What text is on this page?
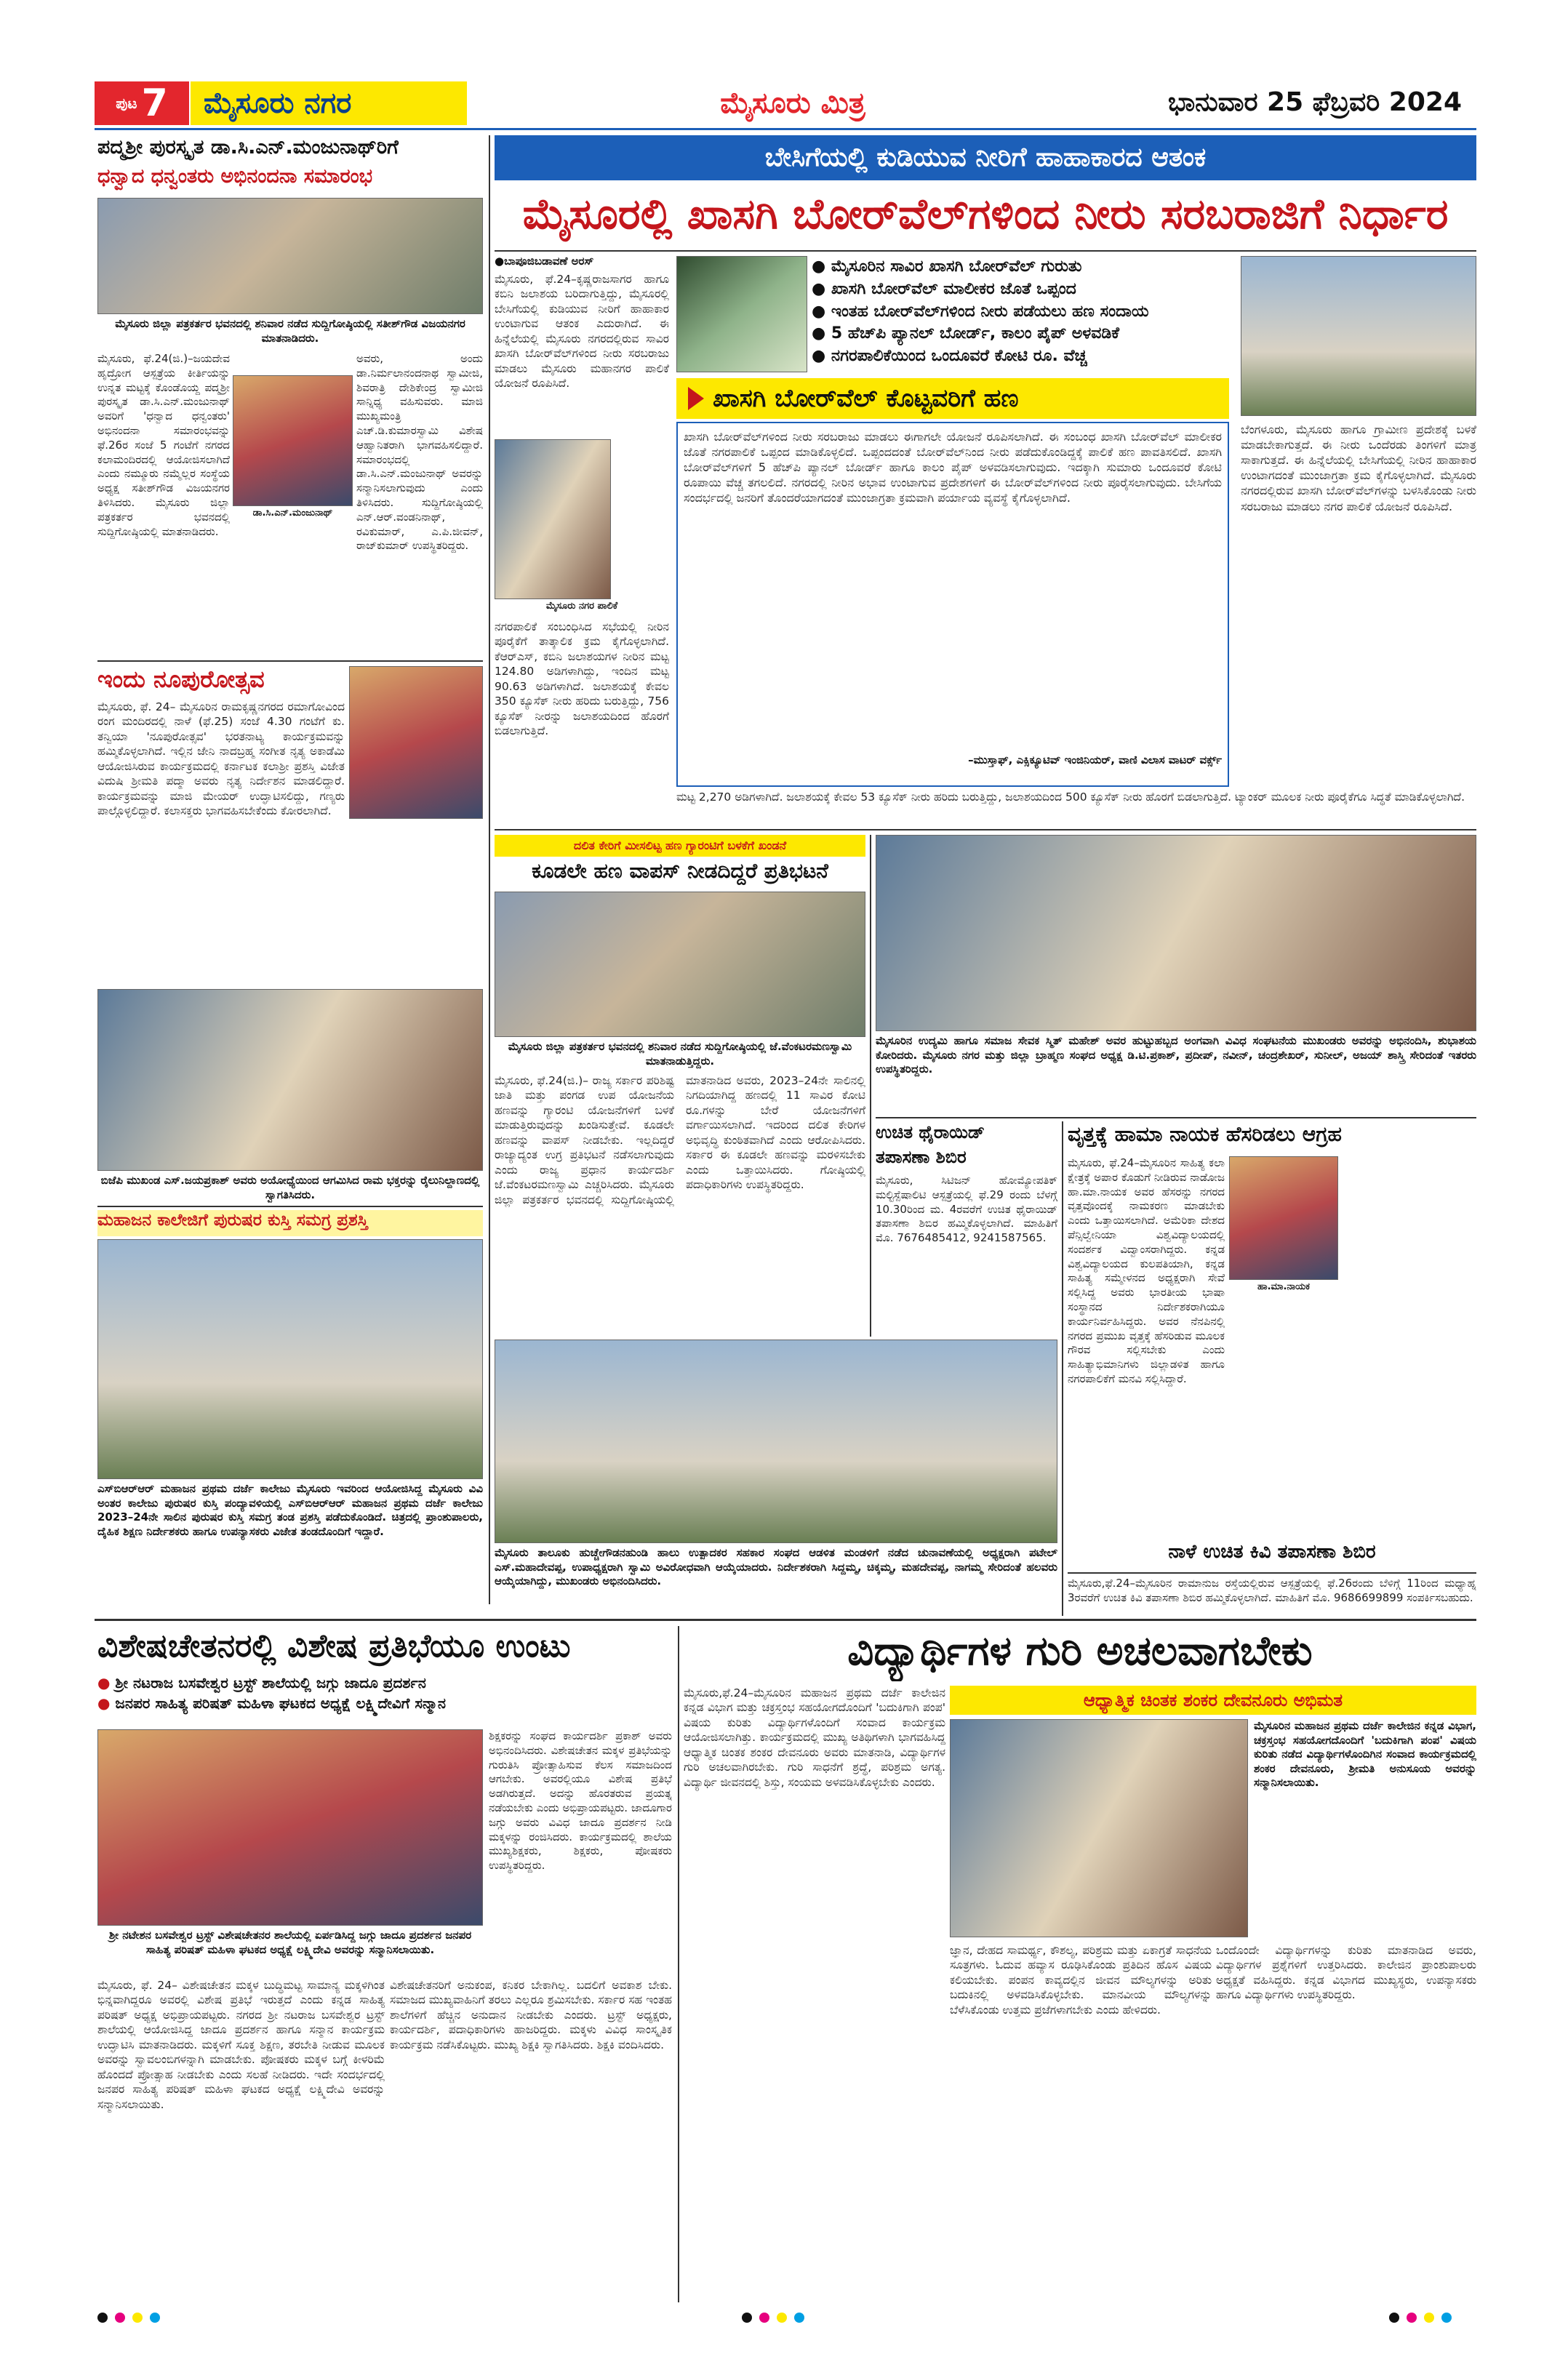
ಪುಟ 7	ಮೈಸೂರು ನಗರ	ಮೈಸೂರು ಮಿತ್ರ	ಭಾನುವಾರ 25 ಫೆಬ್ರವರಿ 2024
ಪದ್ಮಶ್ರೀ ಪುರಸ್ಕೃತ ಡಾ.ಸಿ.ಎನ್.ಮಂಜುನಾಥ್‌ರಿಗೆ
ಧನ್ವಾದ ಧನ್ವಂತರು ಅಭಿನಂದನಾ ಸಮಾರಂಭ
ಮೈಸೂರು ಜಿಲ್ಲಾ ಪತ್ರಕರ್ತರ ಭವನದಲ್ಲಿ ಶನಿವಾರ ನಡೆದ ಸುದ್ದಿಗೋಷ್ಠಿಯಲ್ಲಿ ಸತೀಶ್‌ಗೌಡ ವಿಜಯನಗರ ಮಾತನಾಡಿದರು.
ಡಾ.ಸಿ.ಎನ್.ಮಂಜುನಾಥ್
ಮೈಸೂರು, ಫೆ.24(ಜಿ.)–ಜಯದೇವ ಹೃದ್ರೋಗ ಆಸ್ಪತ್ರೆಯ ಕೀರ್ತಿಯನ್ನು ಉನ್ನತ ಮಟ್ಟಕ್ಕೆ ಕೊಂಡೊಯ್ದ ಪದ್ಮಶ್ರೀ ಪುರಸ್ಕೃತ ಡಾ.ಸಿ.ಎನ್.ಮಂಜುನಾಥ್ ಅವರಿಗೆ 'ಧನ್ವಾದ ಧನ್ವಂತರು' ಅಭಿನಂದನಾ ಸಮಾರಂಭವನ್ನು ಫೆ.26ರ ಸಂಜೆ 5 ಗಂಟೆಗೆ ನಗರದ ಕಲಾಮಂದಿರದಲ್ಲಿ ಆಯೋಜಿಸಲಾಗಿದೆ ಎಂದು ನಮ್ಮೂರು ನಮ್ಮೆಲ್ಲರ ಸಂಸ್ಥೆಯ ಅಧ್ಯಕ್ಷ ಸತೀಶ್‌ಗೌಡ ವಿಜಯನಗರ ತಿಳಿಸಿದರು. ಮೈಸೂರು ಜಿಲ್ಲಾ ಪತ್ರಕರ್ತರ ಭವನದಲ್ಲಿ ಸುದ್ದಿಗೋಷ್ಠಿಯಲ್ಲಿ ಮಾತನಾಡಿದರು.
ಅವರು, ಅಂದು ಡಾ.ನಿರ್ಮಲಾನಂದನಾಥ ಸ್ವಾಮೀಜಿ, ಶಿವರಾತ್ರಿ ದೇಶಿಕೇಂದ್ರ ಸ್ವಾಮೀಜಿ ಸಾನ್ನಿಧ್ಯ ವಹಿಸುವರು. ಮಾಜಿ ಮುಖ್ಯಮಂತ್ರಿ ಎಚ್.ಡಿ.ಕುಮಾರಸ್ವಾಮಿ ವಿಶೇಷ ಆಹ್ವಾನಿತರಾಗಿ ಭಾಗವಹಿಸಲಿದ್ದಾರೆ. ಸಮಾರಂಭದಲ್ಲಿ ಡಾ.ಸಿ.ಎನ್.ಮಂಜುನಾಥ್ ಅವರನ್ನು ಸನ್ಮಾನಿಸಲಾಗುವುದು ಎಂದು ತಿಳಿಸಿದರು. ಸುದ್ದಿಗೋಷ್ಠಿಯಲ್ಲಿ ಎನ್.ಆರ್.ವಂಡನಿನಾಥ್, ರವಿಕುಮಾರ್, ಎ.ಪಿ.ಜೀವನ್, ರಾಜ್‌ಕುಮಾರ್ ಉಪಸ್ಥಿತರಿದ್ದರು.
ಇಂದು ನೂಪುರೋತ್ಸವ
ಮೈಸೂರು, ಫೆ. 24– ಮೈಸೂರಿನ ರಾಮಕೃಷ್ಣನಗರದ ರಮಾಗೋವಿಂದ ರಂಗ ಮಂದಿರದಲ್ಲಿ ನಾಳೆ (ಫೆ.25) ಸಂಜೆ 4.30 ಗಂಟೆಗೆ ಕು. ತನ್ವಿಯಾ 'ನೂಪುರೋತ್ಸವ' ಭರತನಾಟ್ಯ ಕಾರ್ಯಕ್ರಮವನ್ನು ಹಮ್ಮಿಕೊಳ್ಳಲಾಗಿದೆ. ಇಲ್ಲಿನ ಜೇನಿ ನಾದಬ್ರಹ್ಮ ಸಂಗೀತ ನೃತ್ಯ ಅಕಾಡೆಮಿ ಆಯೋಜಿಸಿರುವ ಕಾರ್ಯಕ್ರಮದಲ್ಲಿ ಕರ್ನಾಟಕ ಕಲಾಶ್ರೀ ಪ್ರಶಸ್ತಿ ವಿಜೇತ ವಿದುಷಿ ಶ್ರೀಮತಿ ಪದ್ಮಾ ಅವರು ನೃತ್ಯ ನಿರ್ದೇಶನ ಮಾಡಲಿದ್ದಾರೆ. ಕಾರ್ಯಕ್ರಮವನ್ನು ಮಾಜಿ ಮೇಯರ್ ಉದ್ಘಾಟಿಸಲಿದ್ದು, ಗಣ್ಯರು ಪಾಲ್ಗೊಳ್ಳಲಿದ್ದಾರೆ. ಕಲಾಸಕ್ತರು ಭಾಗವಹಿಸಬೇಕೆಂದು ಕೋರಲಾಗಿದೆ.
ಬಿಜೆಪಿ ಮುಖಂಡ ಎಸ್.ಜಯಪ್ರಕಾಶ್ ಅವರು ಅಯೋಧ್ಯೆಯಿಂದ ಆಗಮಿಸಿದ ರಾಮ ಭಕ್ತರನ್ನು ರೈಲುನಿಲ್ದಾಣದಲ್ಲಿ ಸ್ವಾಗತಿಸಿದರು.
ಮಹಾಜನ ಕಾಲೇಜಿಗೆ ಪುರುಷರ ಕುಸ್ತಿ ಸಮಗ್ರ ಪ್ರಶಸ್ತಿ
ಎಸ್‌ಬಿಆರ್‌ಆರ್ ಮಹಾಜನ ಪ್ರಥಮ ದರ್ಜೆ ಕಾಲೇಜು ಮೈಸೂರು ಇವರಿಂದ ಆಯೋಜಿಸಿದ್ದ ಮೈಸೂರು ವಿವಿ ಅಂತರ ಕಾಲೇಜು ಪುರುಷರ ಕುಸ್ತಿ ಪಂದ್ಯಾವಳಿಯಲ್ಲಿ ಎಸ್‌ಬಿಆರ್‌ಆರ್ ಮಹಾಜನ ಪ್ರಥಮ ದರ್ಜೆ ಕಾಲೇಜು 2023–24ನೇ ಸಾಲಿನ ಪುರುಷರ ಕುಸ್ತಿ ಸಮಗ್ರ ತಂಡ ಪ್ರಶಸ್ತಿ ಪಡೆದುಕೊಂಡಿದೆ. ಚಿತ್ರದಲ್ಲಿ ಪ್ರಾಂಶುಪಾಲರು, ದೈಹಿಕ ಶಿಕ್ಷಣ ನಿರ್ದೇಶಕರು ಹಾಗೂ ಉಪನ್ಯಾಸಕರು ವಿಜೇತ ತಂಡದೊಂದಿಗೆ ಇದ್ದಾರೆ.
ಬೇಸಿಗೆಯಲ್ಲಿ ಕುಡಿಯುವ ನೀರಿಗೆ ಹಾಹಾಕಾರದ ಆತಂಕ
ಮೈಸೂರಲ್ಲಿ ಖಾಸಗಿ ಬೋರ್‌ವೆಲ್‌ಗಳಿಂದ ನೀರು ಸರಬರಾಜಿಗೆ ನಿರ್ಧಾರ
●ಬಾಪೂಜಿಬಡಾವಣೆ ಅರಸ್
ಮೈಸೂರು, ಫೆ.24–ಕೃಷ್ಣರಾಜಸಾಗರ ಹಾಗೂ ಕಬಿನಿ ಜಲಾಶಯ ಬರಿದಾಗುತ್ತಿದ್ದು, ಮೈಸೂರಲ್ಲಿ ಬೇಸಿಗೆಯಲ್ಲಿ ಕುಡಿಯುವ ನೀರಿಗೆ ಹಾಹಾಕಾರ ಉಂಟಾಗುವ ಆತಂಕ ಎದುರಾಗಿದೆ. ಈ ಹಿನ್ನೆಲೆಯಲ್ಲಿ ಮೈಸೂರು ನಗರದಲ್ಲಿರುವ ಸಾವಿರ ಖಾಸಗಿ ಬೋರ್‌ವೆಲ್‌ಗಳಿಂದ ನೀರು ಸರಬರಾಜು ಮಾಡಲು ಮೈಸೂರು ಮಹಾನಗರ ಪಾಲಿಕೆ ಯೋಜನೆ ರೂಪಿಸಿದೆ.
ಮೈಸೂರು ನಗರ ಪಾಲಿಕೆ
ನಗರಪಾಲಿಕೆ ಸಂಬಂಧಿಸಿದ ಸಭೆಯಲ್ಲಿ ನೀರಿನ ಪೂರೈಕೆಗೆ ತಾತ್ಕಾಲಿಕ ಕ್ರಮ ಕೈಗೊಳ್ಳಲಾಗಿದೆ. ಕೆಆರ್‌ಎಸ್, ಕಬಿನಿ ಜಲಾಶಯಗಳ ನೀರಿನ ಮಟ್ಟ 124.80 ಅಡಿಗಳಾಗಿದ್ದು, ಇಂದಿನ ಮಟ್ಟ 90.63 ಅಡಿಗಳಾಗಿದೆ. ಜಲಾಶಯಕ್ಕೆ ಕೇವಲ 350 ಕ್ಯೂಸೆಕ್ ನೀರು ಹರಿದು ಬರುತ್ತಿದ್ದು, 756 ಕ್ಯೂಸೆಕ್ ನೀರನ್ನು ಜಲಾಶಯದಿಂದ ಹೊರಗೆ ಬಿಡಲಾಗುತ್ತಿದೆ.
● ಮೈಸೂರಿನ ಸಾವಿರ ಖಾಸಗಿ ಬೋರ್‌ವೆಲ್ ಗುರುತು
● ಖಾಸಗಿ ಬೋರ್‌ವೆಲ್ ಮಾಲೀಕರ ಜೊತೆ ಒಪ್ಪಂದ
● ಇಂತಹ ಬೋರ್‌ವೆಲ್‌ಗಳಿಂದ ನೀರು ಪಡೆಯಲು ಹಣ ಸಂದಾಯ
● 5 ಹೆಚ್‌ಪಿ ಪ್ಯಾನಲ್ ಬೋರ್ಡ್, ಕಾಲಂ ಪೈಪ್ ಅಳವಡಿಕೆ
● ನಗರಪಾಲಿಕೆಯಿಂದ ಒಂದೂವರೆ ಕೋಟಿ ರೂ. ವೆಚ್ಚ
ಖಾಸಗಿ ಬೋರ್‌ವೆಲ್ ಕೊಟ್ಟವರಿಗೆ ಹಣ
ಖಾಸಗಿ ಬೋರ್‌ವೆಲ್‌ಗಳಿಂದ ನೀರು ಸರಬರಾಜು ಮಾಡಲು ಈಗಾಗಲೇ ಯೋಜನೆ ರೂಪಿಸಲಾಗಿದೆ. ಈ ಸಂಬಂಧ ಖಾಸಗಿ ಬೋರ್‌ವೆಲ್ ಮಾಲೀಕರ ಜೊತೆ ನಗರಪಾಲಿಕೆ ಒಪ್ಪಂದ ಮಾಡಿಕೊಳ್ಳಲಿದೆ. ಒಪ್ಪಂದದಂತೆ ಬೋರ್‌ವೆಲ್‌ನಿಂದ ನೀರು ಪಡೆದುಕೊಂಡಿದ್ದಕ್ಕೆ ಪಾಲಿಕೆ ಹಣ ಪಾವತಿಸಲಿದೆ. ಖಾಸಗಿ ಬೋರ್‌ವೆಲ್‌ಗಳಿಗೆ 5 ಹೆಚ್‌ಪಿ ಪ್ಯಾನಲ್ ಬೋರ್ಡ್ ಹಾಗೂ ಕಾಲಂ ಪೈಪ್ ಅಳವಡಿಸಲಾಗುವುದು. ಇದಕ್ಕಾಗಿ ಸುಮಾರು ಒಂದೂವರೆ ಕೋಟಿ ರೂಪಾಯಿ ವೆಚ್ಚ ತಗಲಲಿದೆ. ನಗರದಲ್ಲಿ ನೀರಿನ ಅಭಾವ ಉಂಟಾಗುವ ಪ್ರದೇಶಗಳಿಗೆ ಈ ಬೋರ್‌ವೆಲ್‌ಗಳಿಂದ ನೀರು ಪೂರೈಸಲಾಗುವುದು. ಬೇಸಿಗೆಯ ಸಂದರ್ಭದಲ್ಲಿ ಜನರಿಗೆ ತೊಂದರೆಯಾಗದಂತೆ ಮುಂಜಾಗ್ರತಾ ಕ್ರಮವಾಗಿ ಪರ್ಯಾಯ ವ್ಯವಸ್ಥೆ ಕೈಗೊಳ್ಳಲಾಗಿದೆ.
–ಮುಸ್ತಾಫ್, ಎಕ್ಸಿಕ್ಯೂಟಿವ್ ಇಂಜಿನಿಯರ್, ವಾಣಿ ವಿಲಾಸ ವಾಟರ್ ವರ್ಕ್ಸ್
ಬೆಂಗಳೂರು, ಮೈಸೂರು ಹಾಗೂ ಗ್ರಾಮೀಣ ಪ್ರದೇಶಕ್ಕೆ ಬಳಕೆ ಮಾಡಬೇಕಾಗುತ್ತದೆ. ಈ ನೀರು ಒಂದೆರಡು ತಿಂಗಳಿಗೆ ಮಾತ್ರ ಸಾಕಾಗುತ್ತದೆ. ಈ ಹಿನ್ನೆಲೆಯಲ್ಲಿ ಬೇಸಿಗೆಯಲ್ಲಿ ನೀರಿನ ಹಾಹಾಕಾರ ಉಂಟಾಗದಂತೆ ಮುಂಜಾಗ್ರತಾ ಕ್ರಮ ಕೈಗೊಳ್ಳಲಾಗಿದೆ. ಮೈಸೂರು ನಗರದಲ್ಲಿರುವ ಖಾಸಗಿ ಬೋರ್‌ವೆಲ್‌ಗಳನ್ನು ಬಳಸಿಕೊಂಡು ನೀರು ಸರಬರಾಜು ಮಾಡಲು ನಗರ ಪಾಲಿಕೆ ಯೋಜನೆ ರೂಪಿಸಿದೆ.
ಮಟ್ಟ 2,270 ಅಡಿಗಳಾಗಿದೆ. ಜಲಾಶಯಕ್ಕೆ ಕೇವಲ 53 ಕ್ಯೂಸೆಕ್ ನೀರು ಹರಿದು ಬರುತ್ತಿದ್ದು, ಜಲಾಶಯದಿಂದ 500 ಕ್ಯೂಸೆಕ್ ನೀರು ಹೊರಗೆ ಬಿಡಲಾಗುತ್ತಿದೆ. ಟ್ಯಾಂಕರ್ ಮೂಲಕ ನೀರು ಪೂರೈಕೆಗೂ ಸಿದ್ಧತೆ ಮಾಡಿಕೊಳ್ಳಲಾಗಿದೆ.
ದಲಿತ ಕೇರಿಗೆ ಮೀಸಲಿಟ್ಟ ಹಣ ಗ್ಯಾರಂಟಿಗೆ ಬಳಕೆಗೆ ಖಂಡನೆ
ಕೂಡಲೇ ಹಣ ವಾಪಸ್ ನೀಡದಿದ್ದರೆ ಪ್ರತಿಭಟನೆ
ಮೈಸೂರು ಜಿಲ್ಲಾ ಪತ್ರಕರ್ತರ ಭವನದಲ್ಲಿ ಶನಿವಾರ ನಡೆದ ಸುದ್ದಿಗೋಷ್ಠಿಯಲ್ಲಿ ಜೆ.ವೆಂಕಟರಮಣಸ್ವಾಮಿ ಮಾತನಾಡುತ್ತಿದ್ದರು.
ಮೈಸೂರು, ಫೆ.24(ಜಿ.)– ರಾಜ್ಯ ಸರ್ಕಾರ ಪರಿಶಿಷ್ಟ ಜಾತಿ ಮತ್ತು ಪಂಗಡ ಉಪ ಯೋಜನೆಯ ಹಣವನ್ನು ಗ್ಯಾರಂಟಿ ಯೋಜನೆಗಳಿಗೆ ಬಳಕೆ ಮಾಡುತ್ತಿರುವುದನ್ನು ಖಂಡಿಸುತ್ತೇವೆ. ಕೂಡಲೇ ಹಣವನ್ನು ವಾಪಸ್ ನೀಡಬೇಕು. ಇಲ್ಲದಿದ್ದರೆ ರಾಜ್ಯಾದ್ಯಂತ ಉಗ್ರ ಪ್ರತಿಭಟನೆ ನಡೆಸಲಾಗುವುದು ಎಂದು ರಾಜ್ಯ ಪ್ರಧಾನ ಕಾರ್ಯದರ್ಶಿ ಜೆ.ವೆಂಕಟರಮಣಸ್ವಾಮಿ ಎಚ್ಚರಿಸಿದರು. ಮೈಸೂರು ಜಿಲ್ಲಾ ಪತ್ರಕರ್ತರ ಭವನದಲ್ಲಿ ಸುದ್ದಿಗೋಷ್ಠಿಯಲ್ಲಿ ಮಾತನಾಡಿದ ಅವರು, 2023–24ನೇ ಸಾಲಿನಲ್ಲಿ ನಿಗದಿಯಾಗಿದ್ದ ಹಣದಲ್ಲಿ 11 ಸಾವಿರ ಕೋಟಿ ರೂ.ಗಳನ್ನು ಬೇರೆ ಯೋಜನೆಗಳಿಗೆ ವರ್ಗಾಯಿಸಲಾಗಿದೆ. ಇದರಿಂದ ದಲಿತ ಕೇರಿಗಳ ಅಭಿವೃದ್ಧಿ ಕುಂಠಿತವಾಗಿದೆ ಎಂದು ಆರೋಪಿಸಿದರು. ಸರ್ಕಾರ ಈ ಕೂಡಲೇ ಹಣವನ್ನು ಮರಳಿಸಬೇಕು ಎಂದು ಒತ್ತಾಯಿಸಿದರು. ಗೋಷ್ಠಿಯಲ್ಲಿ ಪದಾಧಿಕಾರಿಗಳು ಉಪಸ್ಥಿತರಿದ್ದರು.
ಮೈಸೂರಿನ ಉದ್ಯಮಿ ಹಾಗೂ ಸಮಾಜ ಸೇವಕ ಸ್ಮಿತ್ ಮಹೇಶ್ ಅವರ ಹುಟ್ಟುಹಬ್ಬದ ಅಂಗವಾಗಿ ವಿವಿಧ ಸಂಘಟನೆಯ ಮುಖಂಡರು ಅವರನ್ನು ಅಭಿನಂದಿಸಿ, ಶುಭಾಶಯ ಕೋರಿದರು. ಮೈಸೂರು ನಗರ ಮತ್ತು ಜಿಲ್ಲಾ ಬ್ರಾಹ್ಮಣ ಸಂಘದ ಅಧ್ಯಕ್ಷ ಡಿ.ಟಿ.ಪ್ರಕಾಶ್, ಪ್ರದೀಪ್, ನವೀನ್, ಚಂದ್ರಶೇಖರ್, ಸುನೀಲ್, ಅಜಯ್ ಶಾಸ್ತ್ರಿ ಸೇರಿದಂತೆ ಇತರರು ಉಪಸ್ಥಿತರಿದ್ದರು.
ಉಚಿತ ಥೈರಾಯಿಡ್
ತಪಾಸಣಾ ಶಿಬಿರ
ಮೈಸೂರು, ಸಿಟಿಜನ್ ಹೋಮ್ಯೋಪತಿಕ್ ಮಲ್ಟಿಸ್ಪೆಷಾಲಿಟಿ ಆಸ್ಪತ್ರೆಯಲ್ಲಿ ಫೆ.29 ರಂದು ಬೆಳಗ್ಗೆ 10.30ರಿಂದ ಮ. 4ರವರೆಗೆ ಉಚಿತ ಥೈರಾಯಿಡ್ ತಪಾಸಣಾ ಶಿಬಿರ ಹಮ್ಮಿಕೊಳ್ಳಲಾಗಿದೆ. ಮಾಹಿತಿಗೆ ಮೊ. 7676485412, 9241587565.
ವೃತ್ತಕ್ಕೆ ಹಾಮಾ ನಾಯಕ ಹೆಸರಿಡಲು ಆಗ್ರಹ
ಹಾ.ಮಾ.ನಾಯಕ
ಮೈಸೂರು, ಫೆ.24–ಮೈಸೂರಿನ ಸಾಹಿತ್ಯ ಕಲಾ ಕ್ಷೇತ್ರಕ್ಕೆ ಅಪಾರ ಕೊಡುಗೆ ನೀಡಿರುವ ನಾಡೋಜ ಹಾ.ಮಾ.ನಾಯಕ ಅವರ ಹೆಸರನ್ನು ನಗರದ ವೃತ್ತವೊಂದಕ್ಕೆ ನಾಮಕರಣ ಮಾಡಬೇಕು ಎಂದು ಒತ್ತಾಯಿಸಲಾಗಿದೆ. ಅಮೆರಿಕಾ ದೇಶದ ಪೆನ್ಸಿಲ್ವೇನಿಯಾ ವಿಶ್ವವಿದ್ಯಾಲಯದಲ್ಲಿ ಸಂದರ್ಶಕ ವಿದ್ವಾಂಸರಾಗಿದ್ದರು. ಕನ್ನಡ ವಿಶ್ವವಿದ್ಯಾಲಯದ ಕುಲಪತಿಯಾಗಿ, ಕನ್ನಡ ಸಾಹಿತ್ಯ ಸಮ್ಮೇಳನದ ಅಧ್ಯಕ್ಷರಾಗಿ ಸೇವೆ ಸಲ್ಲಿಸಿದ್ದ ಅವರು ಭಾರತೀಯ ಭಾಷಾ ಸಂಸ್ಥಾನದ ನಿರ್ದೇಶಕರಾಗಿಯೂ ಕಾರ್ಯನಿರ್ವಹಿಸಿದ್ದರು. ಅವರ ನೆನಪಿನಲ್ಲಿ ನಗರದ ಪ್ರಮುಖ ವೃತ್ತಕ್ಕೆ ಹೆಸರಿಡುವ ಮೂಲಕ ಗೌರವ ಸಲ್ಲಿಸಬೇಕು ಎಂದು ಸಾಹಿತ್ಯಾಭಿಮಾನಿಗಳು ಜಿಲ್ಲಾಡಳಿತ ಹಾಗೂ ನಗರಪಾಲಿಕೆಗೆ ಮನವಿ ಸಲ್ಲಿಸಿದ್ದಾರೆ.
ಮೈಸೂರು ತಾಲೂಕು ಹುಚ್ಚೇಗೌಡನಹುಂಡಿ ಹಾಲು ಉತ್ಪಾದಕರ ಸಹಕಾರ ಸಂಘದ ಆಡಳಿತ ಮಂಡಳಿಗೆ ನಡೆದ ಚುನಾವಣೆಯಲ್ಲಿ ಅಧ್ಯಕ್ಷರಾಗಿ ಪಟೇಲ್ ಎಸ್.ಮಹಾದೇವಪ್ಪ, ಉಪಾಧ್ಯಕ್ಷರಾಗಿ ಸ್ವಾಮಿ ಅವಿರೋಧವಾಗಿ ಆಯ್ಕೆಯಾದರು. ನಿರ್ದೇಶಕರಾಗಿ ಸಿದ್ದಮ್ಮ, ಚಿಕ್ಕಮ್ಮ, ಮಹದೇವಪ್ಪ, ನಾಗಮ್ಮ ಸೇರಿದಂತೆ ಹಲವರು ಆಯ್ಕೆಯಾಗಿದ್ದು, ಮುಖಂಡರು ಅಭಿನಂದಿಸಿದರು.
ನಾಳೆ ಉಚಿತ ಕಿವಿ ತಪಾಸಣಾ ಶಿಬಿರ
ಮೈಸೂರು,ಫೆ.24–ಮೈಸೂರಿನ ರಾಮಾನುಜ ರಸ್ತೆಯಲ್ಲಿರುವ ಆಸ್ಪತ್ರೆಯಲ್ಲಿ ಫೆ.26ರಂದು ಬೆಳಿಗ್ಗೆ 11ರಿಂದ ಮಧ್ಯಾಹ್ನ 3ರವರೆಗೆ ಉಚಿತ ಕಿವಿ ತಪಾಸಣಾ ಶಿಬಿರ ಹಮ್ಮಿಕೊಳ್ಳಲಾಗಿದೆ. ಮಾಹಿತಿಗೆ ಮೊ. 9686699899 ಸಂಪರ್ಕಿಸಬಹುದು.
ವಿಶೇಷಚೇತನರಲ್ಲಿ ವಿಶೇಷ ಪ್ರತಿಭೆಯೂ ಉಂಟು
● ಶ್ರೀ ನಟರಾಜ ಬಸವೇಶ್ವರ ಟ್ರಸ್ಟ್ ಶಾಲೆಯಲ್ಲಿ ಜಗ್ಗು ಜಾದೂ ಪ್ರದರ್ಶನ
● ಜನಪರ ಸಾಹಿತ್ಯ ಪರಿಷತ್ ಮಹಿಳಾ ಘಟಕದ ಅಧ್ಯಕ್ಷೆ ಲಕ್ಷ್ಮಿದೇವಿಗೆ ಸನ್ಮಾನ
ಶ್ರೀ ನಟೇಶನ ಬಸವೇಶ್ವರ ಟ್ರಸ್ಟ್ ವಿಶೇಷಚೇತನರ ಶಾಲೆಯಲ್ಲಿ ಏರ್ಪಡಿಸಿದ್ದ ಜಗ್ಗು ಜಾದೂ ಪ್ರದರ್ಶನ ಜನಪರ ಸಾಹಿತ್ಯ ಪರಿಷತ್ ಮಹಿಳಾ ಘಟಕದ ಅಧ್ಯಕ್ಷೆ ಲಕ್ಷ್ಮಿದೇವಿ ಅವರನ್ನು ಸನ್ಮಾನಿಸಲಾಯಿತು.
ಶಿಕ್ಷಕರನ್ನು ಸಂಘದ ಕಾರ್ಯದರ್ಶಿ ಪ್ರಕಾಶ್ ಅವರು ಅಭಿನಂದಿಸಿದರು. ವಿಶೇಷಚೇತನ ಮಕ್ಕಳ ಪ್ರತಿಭೆಯನ್ನು ಗುರುತಿಸಿ ಪ್ರೋತ್ಸಾಹಿಸುವ ಕೆಲಸ ಸಮಾಜದಿಂದ ಆಗಬೇಕು. ಅವರಲ್ಲಿಯೂ ವಿಶೇಷ ಪ್ರತಿಭೆ ಅಡಗಿರುತ್ತದೆ. ಅದನ್ನು ಹೊರತರುವ ಪ್ರಯತ್ನ ನಡೆಯಬೇಕು ಎಂದು ಅಭಿಪ್ರಾಯಪಟ್ಟರು. ಜಾದೂಗಾರ ಜಗ್ಗು ಅವರು ವಿವಿಧ ಜಾದೂ ಪ್ರದರ್ಶನ ನೀಡಿ ಮಕ್ಕಳನ್ನು ರಂಜಿಸಿದರು. ಕಾರ್ಯಕ್ರಮದಲ್ಲಿ ಶಾಲೆಯ ಮುಖ್ಯಶಿಕ್ಷಕರು, ಶಿಕ್ಷಕರು, ಪೋಷಕರು ಉಪಸ್ಥಿತರಿದ್ದರು.
ಮೈಸೂರು, ಫೆ. 24– ವಿಶೇಷಚೇತನ ಮಕ್ಕಳ ಬುದ್ಧಿಮಟ್ಟ ಸಾಮಾನ್ಯ ಮಕ್ಕಳಿಗಿಂತ ಭಿನ್ನವಾಗಿದ್ದರೂ ಅವರಲ್ಲಿ ವಿಶೇಷ ಪ್ರತಿಭೆ ಇರುತ್ತದೆ ಎಂದು ಕನ್ನಡ ಸಾಹಿತ್ಯ ಪರಿಷತ್ ಅಧ್ಯಕ್ಷ ಅಭಿಪ್ರಾಯಪಟ್ಟರು. ನಗರದ ಶ್ರೀ ನಟರಾಜ ಬಸವೇಶ್ವರ ಟ್ರಸ್ಟ್ ಶಾಲೆಯಲ್ಲಿ ಆಯೋಜಿಸಿದ್ದ ಜಾದೂ ಪ್ರದರ್ಶನ ಹಾಗೂ ಸನ್ಮಾನ ಕಾರ್ಯಕ್ರಮ ಉದ್ಘಾಟಿಸಿ ಮಾತನಾಡಿದರು. ಮಕ್ಕಳಿಗೆ ಸೂಕ್ತ ಶಿಕ್ಷಣ, ತರಬೇತಿ ನೀಡುವ ಮೂಲಕ ಅವರನ್ನು ಸ್ವಾವಲಂಬಿಗಳನ್ನಾಗಿ ಮಾಡಬೇಕು. ಪೋಷಕರು ಮಕ್ಕಳ ಬಗ್ಗೆ ಕೀಳರಿಮೆ ಹೊಂದದೆ ಪ್ರೋತ್ಸಾಹ ನೀಡಬೇಕು ಎಂದು ಸಲಹೆ ನೀಡಿದರು. ಇದೇ ಸಂದರ್ಭದಲ್ಲಿ ಜನಪರ ಸಾಹಿತ್ಯ ಪರಿಷತ್ ಮಹಿಳಾ ಘಟಕದ ಅಧ್ಯಕ್ಷೆ ಲಕ್ಷ್ಮಿದೇವಿ ಅವರನ್ನು ಸನ್ಮಾನಿಸಲಾಯಿತು.
ವಿಶೇಷಚೇತನರಿಗೆ ಅನುಕಂಪ, ಕನಿಕರ ಬೇಕಾಗಿಲ್ಲ. ಬದಲಿಗೆ ಅವಕಾಶ ಬೇಕು. ಸಮಾಜದ ಮುಖ್ಯವಾಹಿನಿಗೆ ತರಲು ಎಲ್ಲರೂ ಶ್ರಮಿಸಬೇಕು. ಸರ್ಕಾರ ಸಹ ಇಂತಹ ಶಾಲೆಗಳಿಗೆ ಹೆಚ್ಚಿನ ಅನುದಾನ ನೀಡಬೇಕು ಎಂದರು. ಟ್ರಸ್ಟ್ ಅಧ್ಯಕ್ಷರು, ಕಾರ್ಯದರ್ಶಿ, ಪದಾಧಿಕಾರಿಗಳು ಹಾಜರಿದ್ದರು. ಮಕ್ಕಳು ವಿವಿಧ ಸಾಂಸ್ಕೃತಿಕ ಕಾರ್ಯಕ್ರಮ ನಡೆಸಿಕೊಟ್ಟರು. ಮುಖ್ಯ ಶಿಕ್ಷಕಿ ಸ್ವಾಗತಿಸಿದರು. ಶಿಕ್ಷಕಿ ವಂದಿಸಿದರು.
ವಿದ್ಯಾರ್ಥಿಗಳ ಗುರಿ ಅಚಲವಾಗಬೇಕು
ಮೈಸೂರು,ಫೆ.24–ಮೈಸೂರಿನ ಮಹಾಜನ ಪ್ರಥಮ ದರ್ಜೆ ಕಾಲೇಜಿನ ಕನ್ನಡ ವಿಭಾಗ ಮತ್ತು ಚಕ್ರಸ್ತಂಭ ಸಹಯೋಗದೊಂದಿಗೆ 'ಬದುಕಿಗಾಗಿ ಪಂಪ' ವಿಷಯ ಕುರಿತು ವಿದ್ಯಾರ್ಥಿಗಳೊಂದಿಗೆ ಸಂವಾದ ಕಾರ್ಯಕ್ರಮ ಆಯೋಜಿಸಲಾಗಿತ್ತು. ಕಾರ್ಯಕ್ರಮದಲ್ಲಿ ಮುಖ್ಯ ಅತಿಥಿಗಳಾಗಿ ಭಾಗವಹಿಸಿದ್ದ ಆಧ್ಯಾತ್ಮಿಕ ಚಿಂತಕ ಶಂಕರ ದೇವನೂರು ಅವರು ಮಾತನಾಡಿ, ವಿದ್ಯಾರ್ಥಿಗಳ ಗುರಿ ಅಚಲವಾಗಿರಬೇಕು. ಗುರಿ ಸಾಧನೆಗೆ ಶ್ರದ್ಧೆ, ಪರಿಶ್ರಮ ಅಗತ್ಯ. ವಿದ್ಯಾರ್ಥಿ ಜೀವನದಲ್ಲಿ ಶಿಸ್ತು, ಸಂಯಮ ಅಳವಡಿಸಿಕೊಳ್ಳಬೇಕು ಎಂದರು.
ಆಧ್ಯಾತ್ಮಿಕ ಚಿಂತಕ ಶಂಕರ ದೇವನೂರು ಅಭಿಮತ
ಮೈಸೂರಿನ ಮಹಾಜನ ಪ್ರಥಮ ದರ್ಜೆ ಕಾಲೇಜಿನ ಕನ್ನಡ ವಿಭಾಗ, ಚಕ್ರಸ್ತಂಭ ಸಹಯೋಗದೊಂದಿಗೆ 'ಬದುಕಿಗಾಗಿ ಪಂಪ' ವಿಷಯ ಕುರಿತು ನಡೆದ ವಿದ್ಯಾರ್ಥಿಗಳೊಂದಿಗಿನ ಸಂವಾದ ಕಾರ್ಯಕ್ರಮದಲ್ಲಿ ಶಂಕರ ದೇವನೂರು, ಶ್ರೀಮತಿ ಅನುಸೂಯ ಅವರನ್ನು ಸನ್ಮಾನಿಸಲಾಯಿತು.
ಜ್ಞಾನ, ದೇಹದ ಸಾಮರ್ಥ್ಯ, ಕೌಶಲ್ಯ, ಪರಿಶ್ರಮ ಮತ್ತು ಏಕಾಗ್ರತೆ ಸಾಧನೆಯ ಸೂತ್ರಗಳು. ಓದುವ ಹವ್ಯಾಸ ರೂಢಿಸಿಕೊಂಡು ಪ್ರತಿದಿನ ಹೊಸ ವಿಷಯ ಕಲಿಯಬೇಕು. ಪಂಪನ ಕಾವ್ಯದಲ್ಲಿನ ಜೀವನ ಮೌಲ್ಯಗಳನ್ನು ಅರಿತು ಬದುಕಿನಲ್ಲಿ ಅಳವಡಿಸಿಕೊಳ್ಳಬೇಕು. ಮಾನವೀಯ ಮೌಲ್ಯಗಳನ್ನು ಬೆಳೆಸಿಕೊಂಡು ಉತ್ತಮ ಪ್ರಜೆಗಳಾಗಬೇಕು ಎಂದು ಹೇಳಿದರು.
ಒಂದೊಂದೇ ವಿದ್ಯಾರ್ಥಿಗಳನ್ನು ಕುರಿತು ಮಾತನಾಡಿದ ಅವರು, ವಿದ್ಯಾರ್ಥಿಗಳ ಪ್ರಶ್ನೆಗಳಿಗೆ ಉತ್ತರಿಸಿದರು. ಕಾಲೇಜಿನ ಪ್ರಾಂಶುಪಾಲರು ಅಧ್ಯಕ್ಷತೆ ವಹಿಸಿದ್ದರು. ಕನ್ನಡ ವಿಭಾಗದ ಮುಖ್ಯಸ್ಥರು, ಉಪನ್ಯಾಸಕರು ಹಾಗೂ ವಿದ್ಯಾರ್ಥಿಗಳು ಉಪಸ್ಥಿತರಿದ್ದರು.
